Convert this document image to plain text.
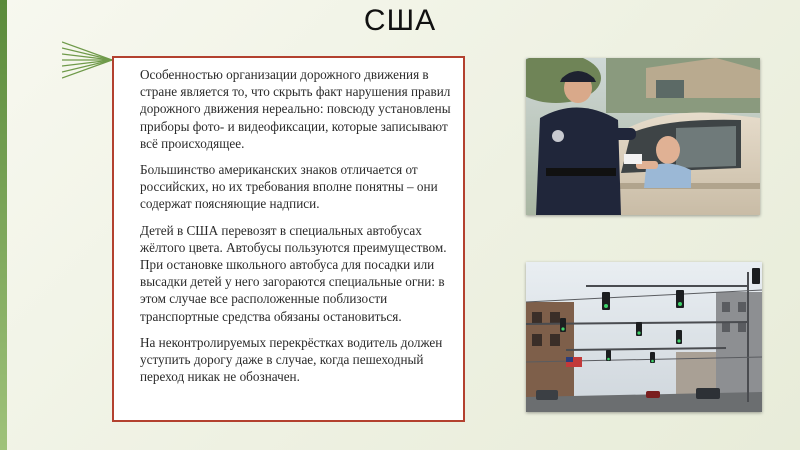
США
Особенностью организации дорожного движения в стране является то, что скрыть факт нарушения правил дорожного движения нереально: повсюду установлены приборы фото- и видеофиксации, которые записывают всё происходящее.
Большинство американских знаков отличается от российских, но их требования вполне понятны – они содержат поясняющие надписи.
Детей в США перевозят в специальных автобусах жёлтого цвета. Автобусы пользуются преимуществом. При остановке школьного автобуса для посадки или высадки детей у него загораются специальные огни: в этом случае все расположенные поблизости транспортные средства обязаны остановиться.
На неконтролируемых перекрёстках водитель должен уступить дорогу даже в случае, когда пешеходный переход никак не обозначен.
